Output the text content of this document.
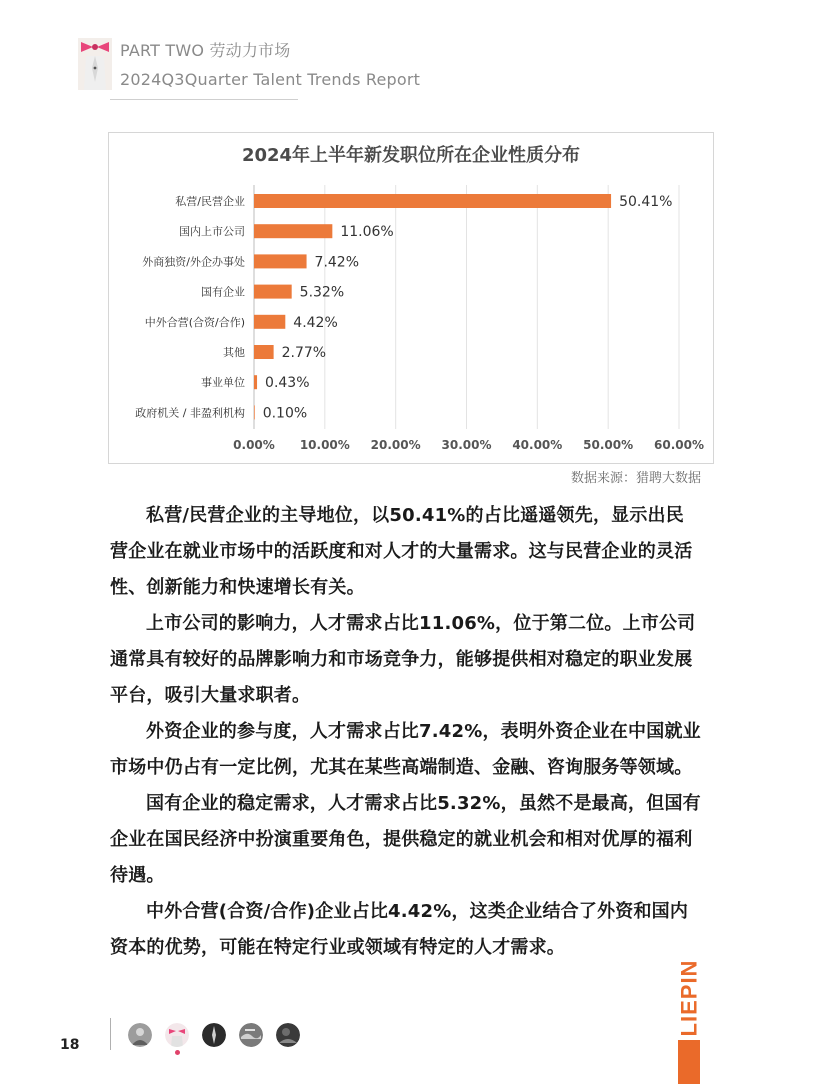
PART TWO 劳动力市场
2024Q3Quarter Talent Trends Report
2024年上半年新发职位所在企业性质分布
0.00% 10.00% 20.00% 30.00% 40.00% 50.00% 60.00%
私营/民营企业	50.41%
国内上市公司	11.06%
外商独资/外企办事处	7.42%
国有企业	5.32%
中外合营(合资/合作)	4.42%
其他	2.77%
事业单位 0.43%
政府机关 / 非盈利机构 0.10%
数据来源：猎聘大数据

私营/民营企业的主导地位，以50.41%的占比遥遥领先，显示出民营企业在就业市场中的活跃度和对人才的大量需求。这与民营企业的灵活性、创新能力和快速增长有关。

上市公司的影响力，人才需求占比11.06%，位于第二位。上市公司通常具有较好的品牌影响力和市场竞争力，能够提供相对稳定的职业发展平台，吸引大量求职者。

外资企业的参与度，人才需求占比7.42%，表明外资企业在中国就业市场中仍占有一定比例，尤其在某些高端制造、金融、咨询服务等领域。

国有企业的稳定需求，人才需求占比5.32%，虽然不是最高，但国有企业在国民经济中扮演重要角色，提供稳定的就业机会和相对优厚的福利待遇。

中外合营(合资/合作)企业占比4.42%，这类企业结合了外资和国内资本的优势，可能在特定行业或领域有特定的人才需求。

18
LIEPIN
